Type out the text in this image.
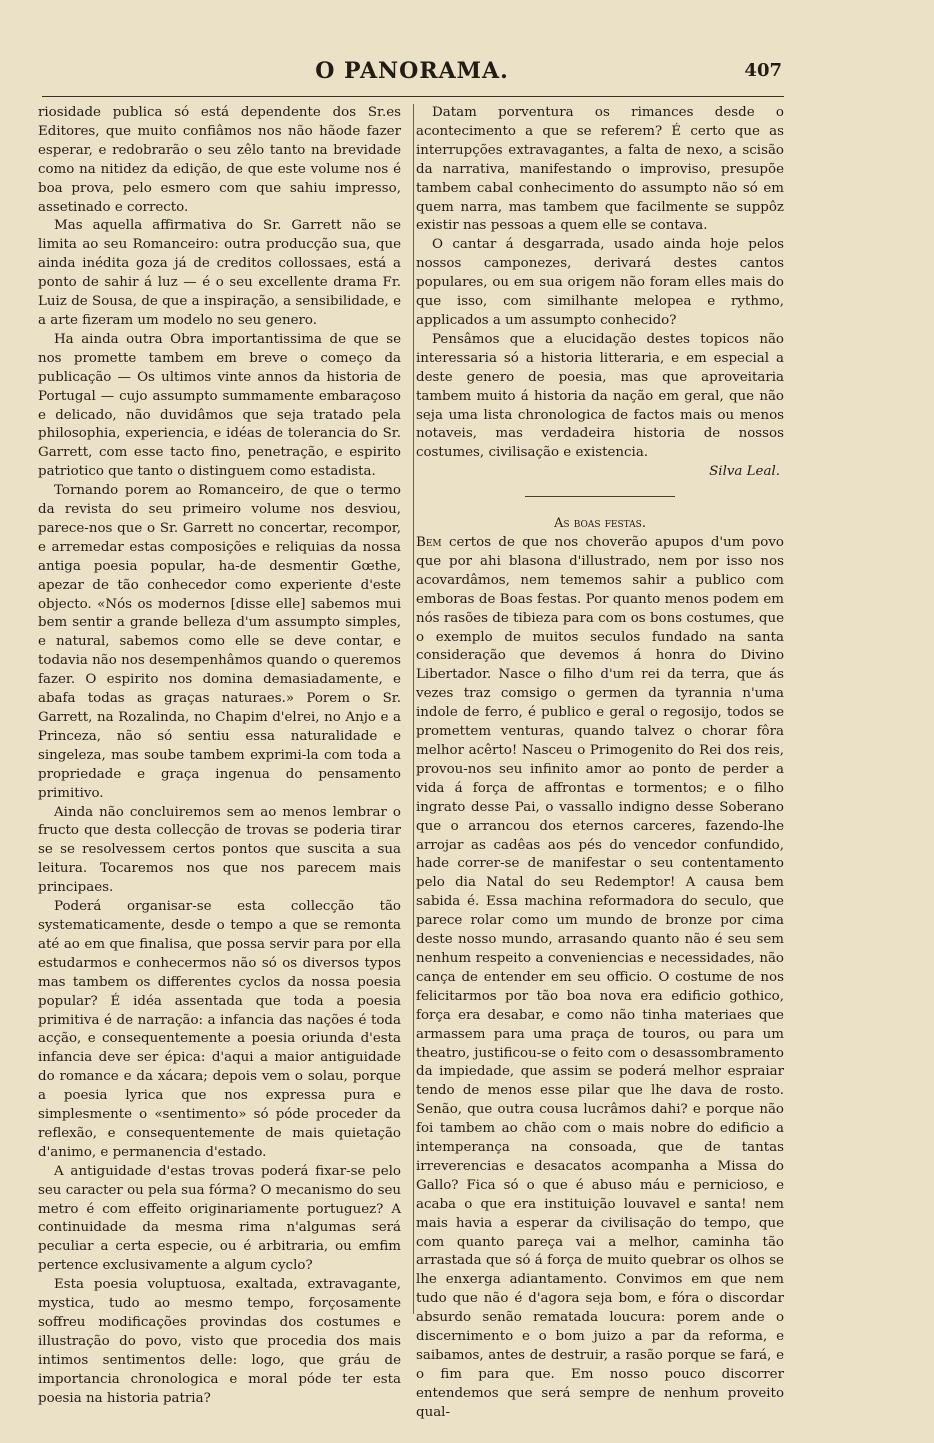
O PANORAMA.	407

riosidade publica só está dependente dos Sr.es Editores, que muito confiâmos nos não hãode fazer esperar, e redobrarão o seu zêlo tanto na brevidade como na nitidez da edição, de que este volume nos é boa prova, pelo esmero com que sahiu impresso, assetinado e correcto.

Mas aquella affirmativa do Sr. Garrett não se limita ao seu Romanceiro: outra producção sua, que ainda inédita goza já de creditos collossaes, está a ponto de sahir á luz — é o seu excellente drama Fr. Luiz de Sousa, de que a inspiração, a sensibilidade, e a arte fizeram um modelo no seu genero.

Ha ainda outra Obra importantissima de que se nos promette tambem em breve o começo da publicação — Os ultimos vinte annos da historia de Portugal — cujo assumpto summamente embaraçoso e delicado, não duvidâmos que seja tratado pela philosophia, experiencia, e idéas de tolerancia do Sr. Garrett, com esse tacto fino, penetração, e espirito patriotico que tanto o distinguem como estadista.

Tornando porem ao Romanceiro, de que o termo da revista do seu primeiro volume nos desviou, parece-nos que o Sr. Garrett no concertar, recompor, e arremedar estas composições e reliquias da nossa antiga poesia popular, ha-de desmentir Gœthe, apezar de tão conhecedor como experiente d'este objecto. «Nós os modernos [disse elle] sabemos mui bem sentir a grande belleza d'um assumpto simples, e natural, sabemos como elle se deve contar, e todavia não nos desempenhâmos quando o queremos fazer. O espirito nos domina demasiadamente, e abafa todas as graças naturaes.» Porem o Sr. Garrett, na Rozalinda, no Chapim d'elrei, no Anjo e a Princeza, não só sentiu essa naturalidade e singeleza, mas soube tambem exprimi-la com toda a propriedade e graça ingenua do pensamento primitivo.

Ainda não concluiremos sem ao menos lembrar o fructo que desta collecção de trovas se poderia tirar se se resolvessem certos pontos que suscita a sua leitura. Tocaremos nos que nos parecem mais principaes.

Poderá organisar-se esta collecção tão systematicamente, desde o tempo a que se remonta até ao em que finalisa, que possa servir para por ella estudarmos e conhecermos não só os diversos typos mas tambem os differentes cyclos da nossa poesia popular? É idéa assentada que toda a poesia primitiva é de narração: a infancia das nações é toda acção, e consequentemente a poesia oriunda d'esta infancia deve ser épica: d'aqui a maior antiguidade do romance e da xácara; depois vem o solau, porque a poesia lyrica que nos expressa pura e simplesmente o «sentimento» só póde proceder da reflexão, e consequentemente de mais quietação d'animo, e permanencia d'estado.

A antiguidade d'estas trovas poderá fixar-se pelo seu caracter ou pela sua fórma? O mecanismo do seu metro é com effeito originariamente portuguez? A continuidade da mesma rima n'algumas será peculiar a certa especie, ou é arbitraria, ou emfim pertence exclusivamente a algum cyclo?

Esta poesia voluptuosa, exaltada, extravagante, mystica, tudo ao mesmo tempo, forçosamente soffreu modificações provindas dos costumes e illustração do povo, visto que procedia dos mais intimos sentimentos delle: logo, que gráu de importancia chronologica e moral póde ter esta poesia na historia patria?

Datam porventura os rimances desde o acontecimento a que se referem? É certo que as interrupções extravagantes, a falta de nexo, a scisão da narrativa, manifestando o improviso, presupõe tambem cabal conhecimento do assumpto não só em quem narra, mas tambem que facilmente se suppôz existir nas pessoas a quem elle se contava.

O cantar á desgarrada, usado ainda hoje pelos nossos camponezes, derivará destes cantos populares, ou em sua origem não foram elles mais do que isso, com similhante melopea e rythmo, applicados a um assumpto conhecido?

Pensâmos que a elucidação destes topicos não interessaria só a historia litteraria, e em especial a deste genero de poesia, mas que aproveitaria tambem muito á historia da nação em geral, que não seja uma lista chronologica de factos mais ou menos notaveis, mas verdadeira historia de nossos costumes, civilisação e existencia.

Silva Leal.

As boas festas.

Bem certos de que nos choverão apupos d'um povo que por ahi blasona d'illustrado, nem por isso nos acovardâmos, nem tememos sahir a publico com emboras de Boas festas. Por quanto menos podem em nós rasões de tibieza para com os bons costumes, que o exemplo de muitos seculos fundado na santa consideração que devemos á honra do Divino Libertador. Nasce o filho d'um rei da terra, que ás vezes traz comsigo o germen da tyrannia n'uma indole de ferro, é publico e geral o regosijo, todos se promettem venturas, quando talvez o chorar fôra melhor acêrto! Nasceu o Primogenito do Rei dos reis, provou-nos seu infinito amor ao ponto de perder a vida á força de affrontas e tormentos; e o filho ingrato desse Pai, o vassallo indigno desse Soberano que o arrancou dos eternos carceres, fazendo-lhe arrojar as cadêas aos pés do vencedor confundido, hade correr-se de manifestar o seu contentamento pelo dia Natal do seu Redemptor! A causa bem sabida é. Essa machina reformadora do seculo, que parece rolar como um mundo de bronze por cima deste nosso mundo, arrasando quanto não é seu sem nenhum respeito a conveniencias e necessidades, não cança de entender em seu officio. O costume de nos felicitarmos por tão boa nova era edificio gothico, força era desabar, e como não tinha materiaes que armassem para uma praça de touros, ou para um theatro, justificou-se o feito com o desassombramento da impiedade, que assim se poderá melhor espraiar tendo de menos esse pilar que lhe dava de rosto. Senão, que outra cousa lucrâmos dahi? e porque não foi tambem ao chão com o mais nobre do edificio a intemperança na consoada, que de tantas irreverencias e desacatos acompanha a Missa do Gallo? Fica só o que é abuso máu e pernicioso, e acaba o que era instituição louvavel e santa! nem mais havia a esperar da civilisação do tempo, que com quanto pareça vai a melhor, caminha tão arrastada que só á força de muito quebrar os olhos se lhe enxerga adiantamento. Convimos em que nem tudo que não é d'agora seja bom, e fóra o discordar absurdo senão rematada loucura: porem ande o discernimento e o bom juizo a par da reforma, e saibamos, antes de destruir, a rasão porque se fará, e o fim para que. Em nosso pouco discorrer entendemos que será sempre de nenhum proveito qual-
